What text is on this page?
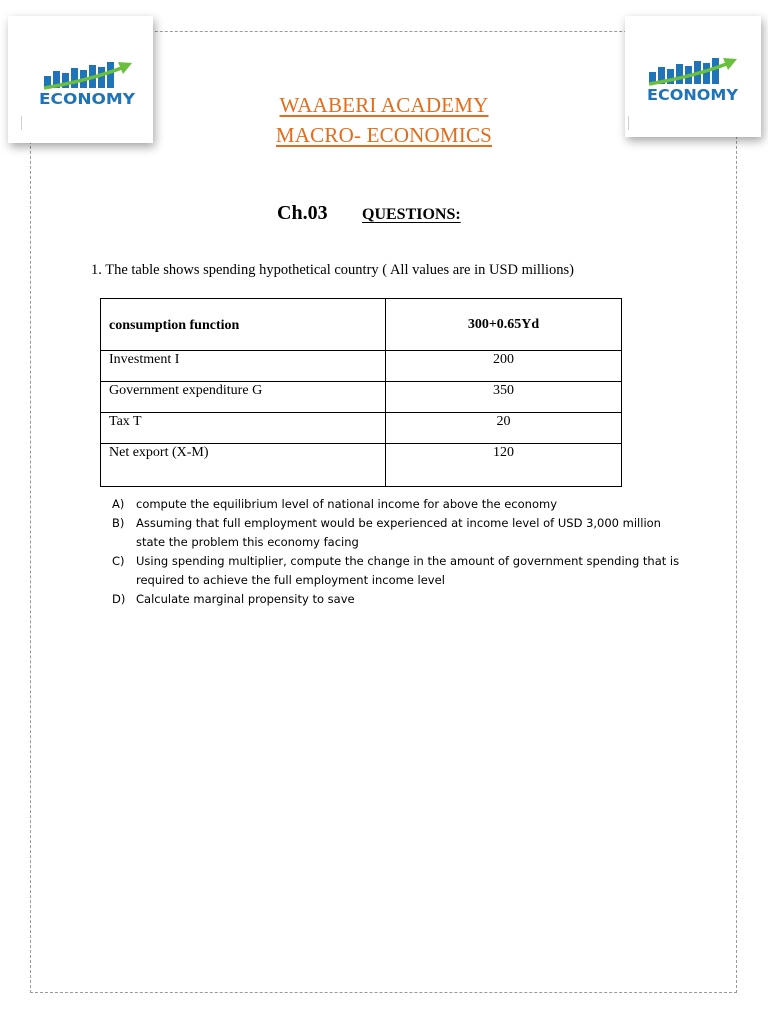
ECONOMY	ECONOMY
WAABERI ACADEMY
MACRO- ECONOMICS
Ch.03	QUESTIONS:
1. The table shows spending hypothetical country ( All values are in USD millions)
consumption function	300+0.65Yd
Investment I	200
Government expenditure G	350
Tax T	20
Net export (X-M)	120
A) compute the equilibrium level of national income for above the economy
B) Assuming that full employment would be experienced at income level of USD 3,000 million state the problem this economy facing
C) Using spending multiplier, compute the change in the amount of government spending that is required to achieve the full employment income level
D) Calculate marginal propensity to save
